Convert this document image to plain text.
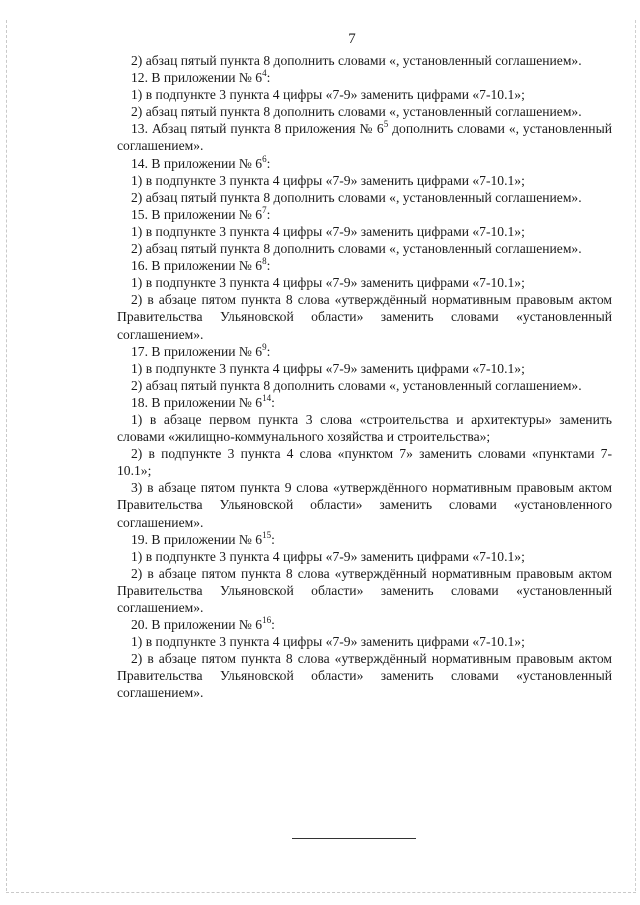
7

2) абзац пятый пункта 8 дополнить словами «, установленный соглашением».

12. В приложении № $6^4$:

1) в подпункте 3 пункта 4 цифры «7-9» заменить цифрами «7-10.1»;

2) абзац пятый пункта 8 дополнить словами «, установленный соглашением».

13. Абзац пятый пункта 8 приложения № $6^5$ дополнить словами «, установленный соглашением».

14. В приложении № $6^6$:

1) в подпункте 3 пункта 4 цифры «7-9» заменить цифрами «7-10.1»;

2) абзац пятый пункта 8 дополнить словами «, установленный соглашением».

15. В приложении № $6^7$:

1) в подпункте 3 пункта 4 цифры «7-9» заменить цифрами «7-10.1»;

2) абзац пятый пункта 8 дополнить словами «, установленный соглашением».

16. В приложении № $6^8$:

1) в подпункте 3 пункта 4 цифры «7-9» заменить цифрами «7-10.1»;

2) в абзаце пятом пункта 8 слова «утверждённый нормативным правовым актом Правительства Ульяновской области» заменить словами «установленный соглашением».

17. В приложении № $6^9$:

1) в подпункте 3 пункта 4 цифры «7-9» заменить цифрами «7-10.1»;

2) абзац пятый пункта 8 дополнить словами «, установленный соглашением».

18. В приложении № $6^{14}$:

1) в абзаце первом пункта 3 слова «строительства и архитектуры» заменить словами «жилищно-коммунального хозяйства и строительства»;

2) в подпункте 3 пункта 4 слова «пунктом 7» заменить словами «пунктами 7-10.1»;

3) в абзаце пятом пункта 9 слова «утверждённого нормативным правовым актом Правительства Ульяновской области» заменить словами «установленного соглашением».

19. В приложении № $6^{15}$:

1) в подпункте 3 пункта 4 цифры «7-9» заменить цифрами «7-10.1»;

2) в абзаце пятом пункта 8 слова «утверждённый нормативным правовым актом Правительства Ульяновской области» заменить словами «установленный соглашением».

20. В приложении № $6^{16}$:

1) в подпункте 3 пункта 4 цифры «7-9» заменить цифрами «7-10.1»;

2) в абзаце пятом пункта 8 слова «утверждённый нормативным правовым актом Правительства Ульяновской области» заменить словами «установленный соглашением».
